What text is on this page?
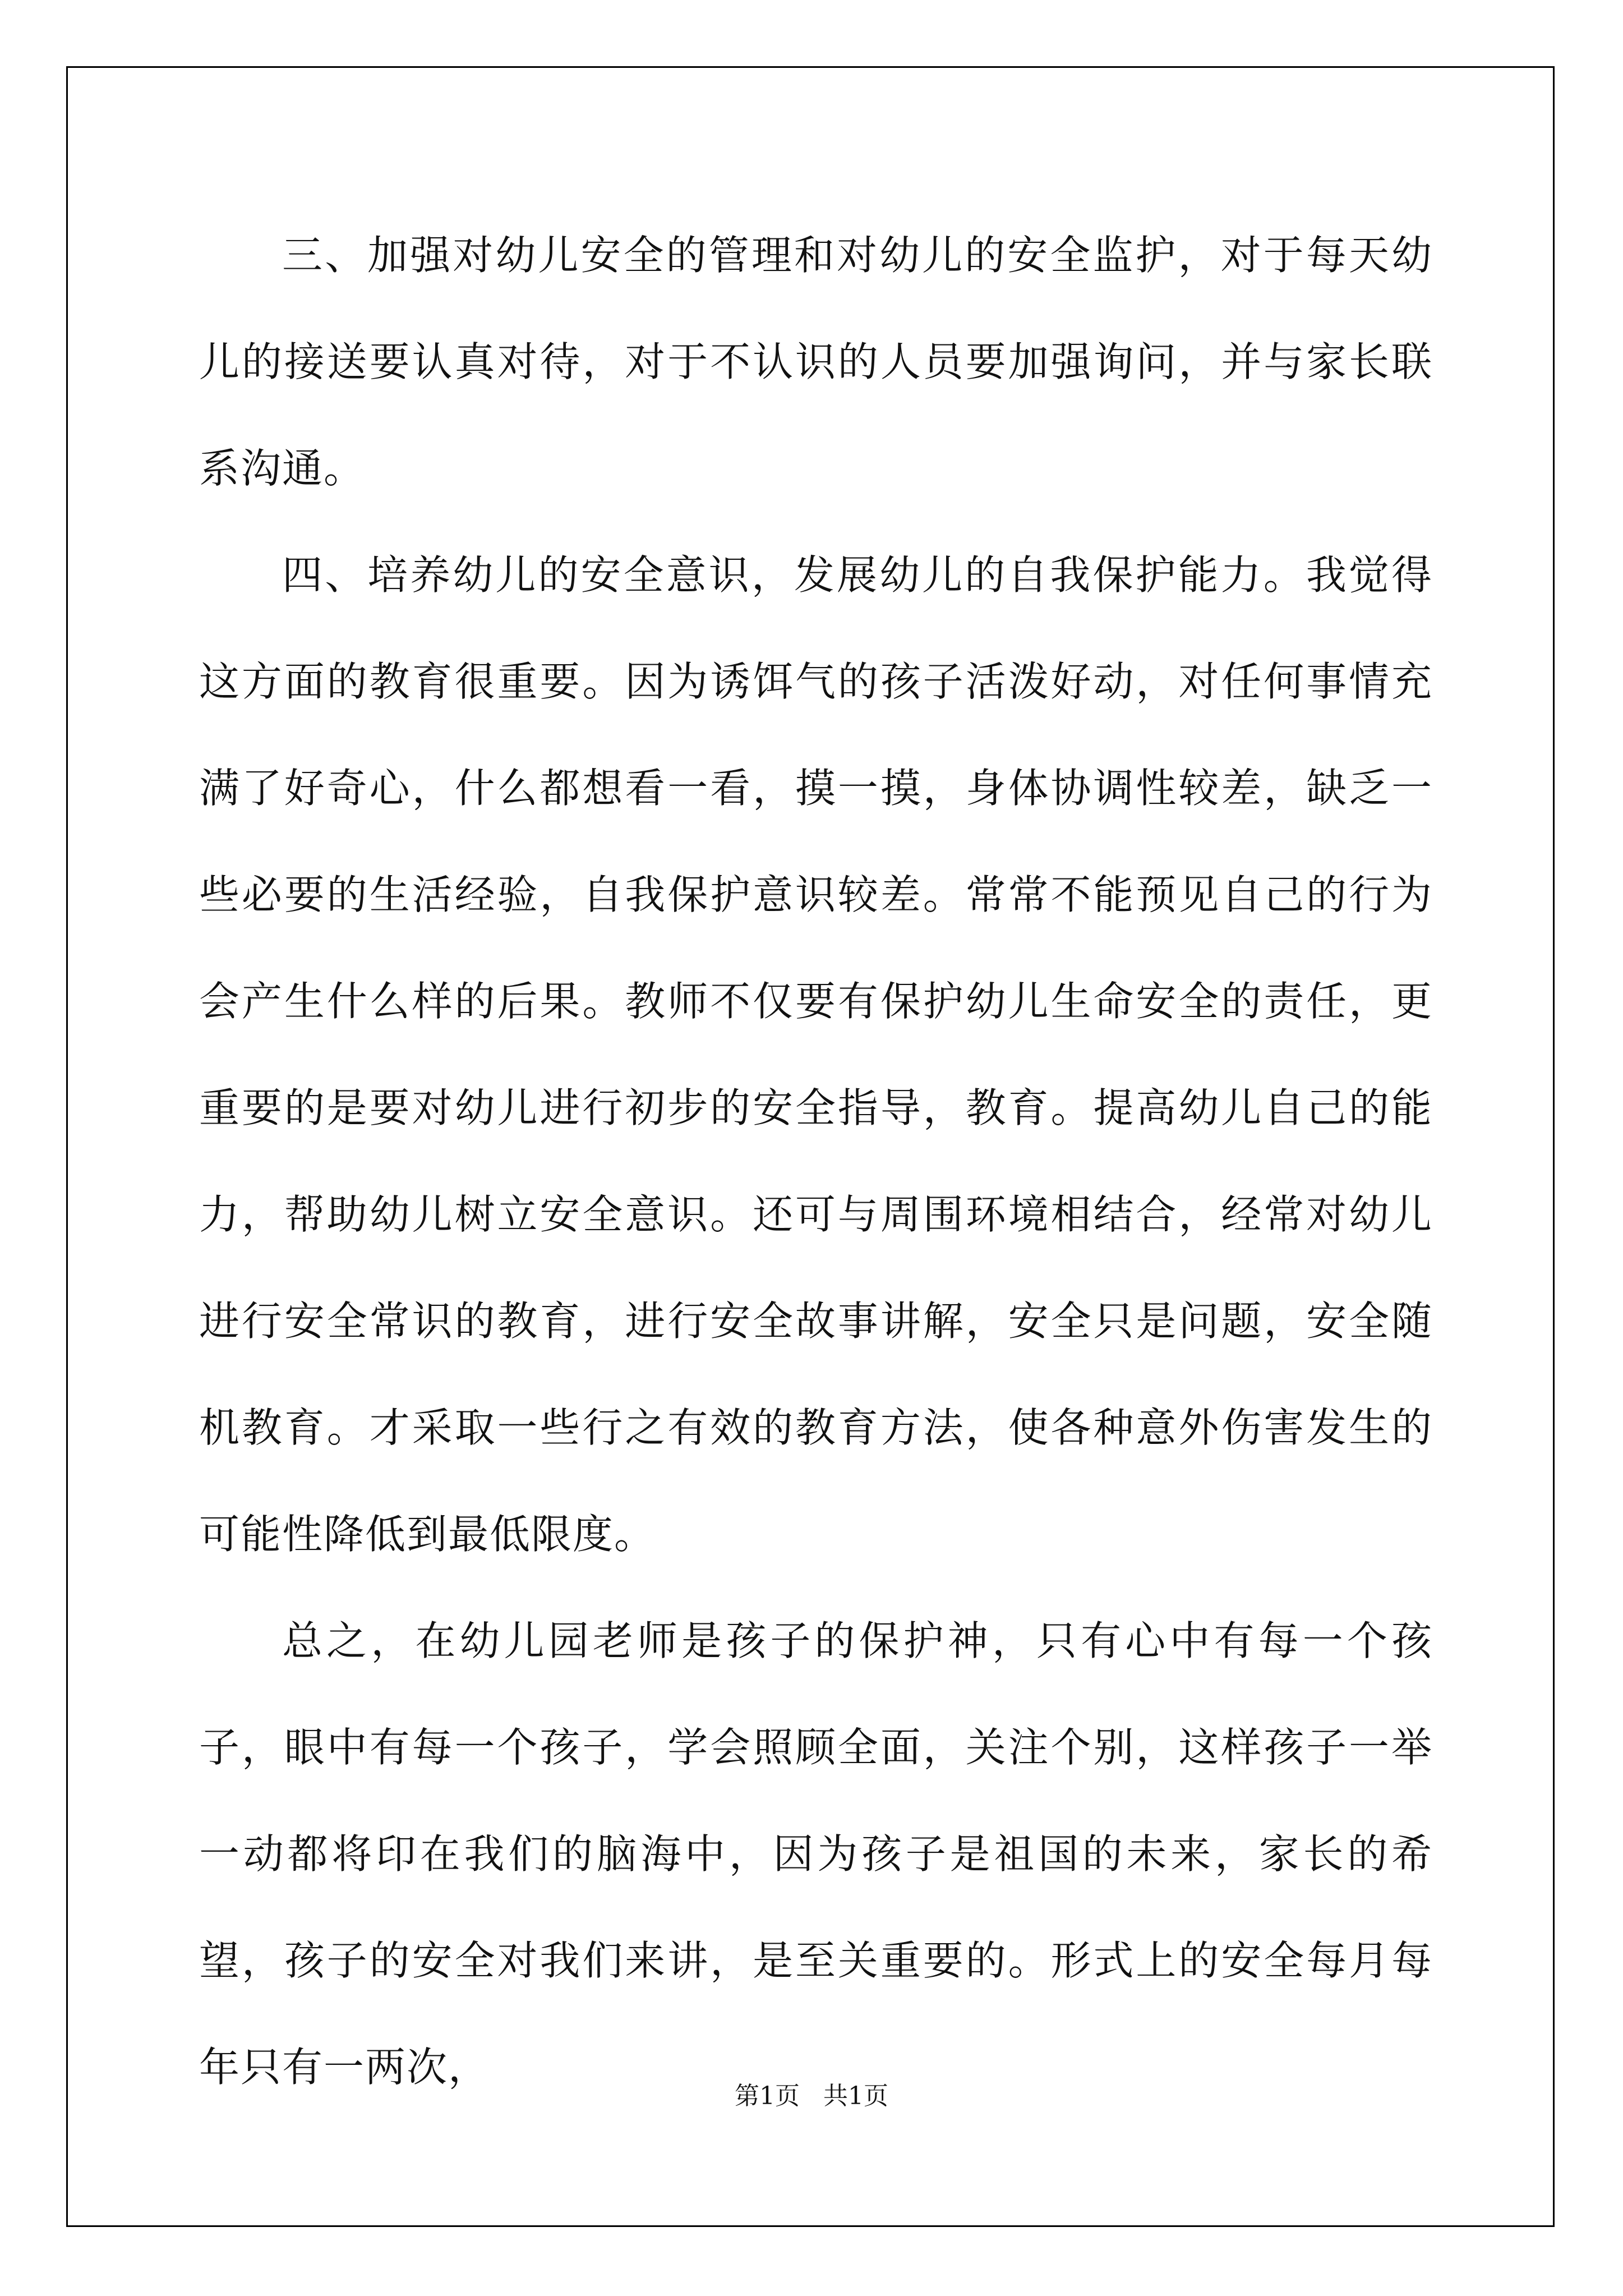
三、加强对幼儿安全的管理和对幼儿的安全监护，对于每天幼儿的接送要认真对待，对于不认识的人员要加强询问，并与家长联系沟通。

四、培养幼儿的安全意识，发展幼儿的自我保护能力。我觉得这方面的教育很重要。因为诱饵气的孩子活泼好动，对任何事情充满了好奇心，什么都想看一看，摸一摸，身体协调性较差，缺乏一些必要的生活经验，自我保护意识较差。常常不能预见自己的行为会产生什么样的后果。教师不仅要有保护幼儿生命安全的责任，更重要的是要对幼儿进行初步的安全指导，教育。提高幼儿自己的能力，帮助幼儿树立安全意识。还可与周围环境相结合，经常对幼儿进行安全常识的教育，进行安全故事讲解，安全只是问题，安全随机教育。才采取一些行之有效的教育方法，使各种意外伤害发生的可能性降低到最低限度。

总之，在幼儿园老师是孩子的保护神，只有心中有每一个孩子，眼中有每一个孩子，学会照顾全面，关注个别，这样孩子一举一动都将印在我们的脑海中，因为孩子是祖国的未来，家长的希望，孩子的安全对我们来讲，是至关重要的。形式上的安全每月每年只有一两次，

第1页   共1页
